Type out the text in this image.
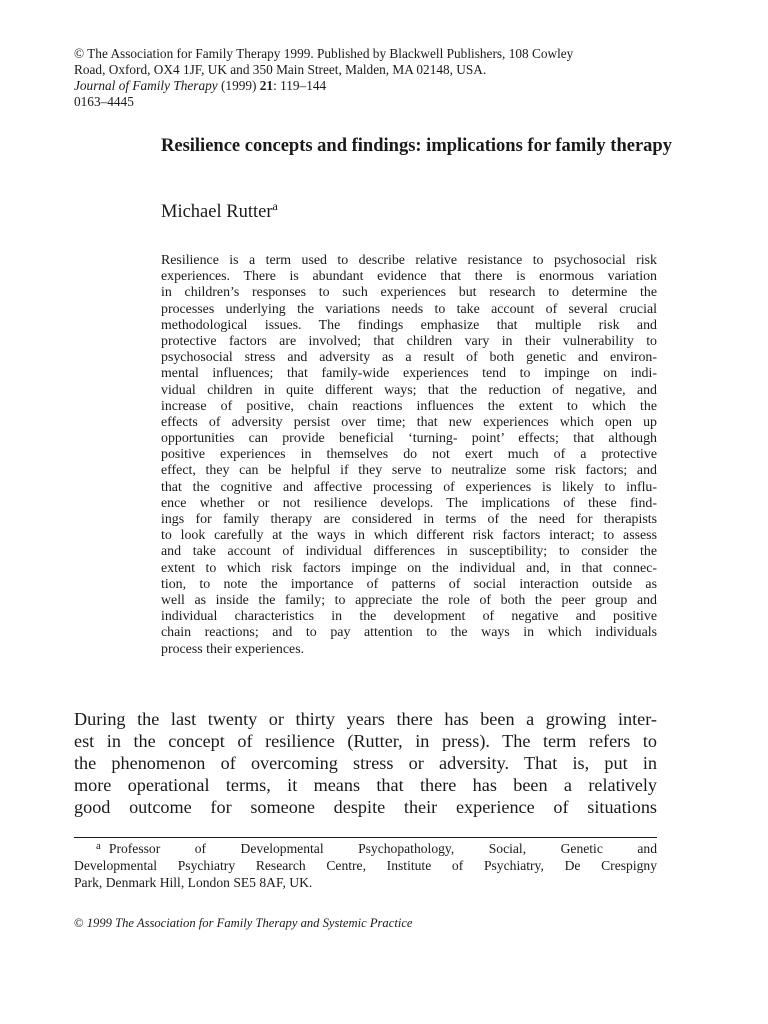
© The Association for Family Therapy 1999. Published by Blackwell Publishers, 108 Cowley
Road, Oxford, OX4 1JF, UK and 350 Main Street, Malden, MA 02148, USA.
Journal of Family Therapy (1999) 21: 119–144
0163–4445
Resilience concepts and findings: implications for family therapy
Michael Rutter$^a$
Resilience is a term used to describe relative resistance to psychosocial risk
experiences. There is abundant evidence that there is enormous variation
in children’s responses to such experiences but research to determine the
processes underlying the variations needs to take account of several crucial
methodological issues. The findings emphasize that multiple risk and
protective factors are involved; that children vary in their vulnerability to
psychosocial stress and adversity as a result of both genetic and environ-
mental influences; that family-wide experiences tend to impinge on indi-
vidual children in quite different ways; that the reduction of negative, and
increase of positive, chain reactions influences the extent to which the
effects of adversity persist over time; that new experiences which open up
opportunities can provide beneficial ‘turning- point’ effects; that although
positive experiences in themselves do not exert much of a protective
effect, they can be helpful if they serve to neutralize some risk factors; and
that the cognitive and affective processing of experiences is likely to influ-
ence whether or not resilience develops. The implications of these find-
ings for family therapy are considered in terms of the need for therapists
to look carefully at the ways in which different risk factors interact; to assess
and take account of individual differences in susceptibility; to consider the
extent to which risk factors impinge on the individual and, in that connec-
tion, to note the importance of patterns of social interaction outside as
well as inside the family; to appreciate the role of both the peer group and
individual characteristics in the development of negative and positive
chain reactions; and to pay attention to the ways in which individuals
process their experiences.
During the last twenty or thirty years there has been a growing inter-
est in the concept of resilience (Rutter, in press). The term refers to
the phenomenon of overcoming stress or adversity. That is, put in
more operational terms, it means that there has been a relatively
good outcome for someone despite their experience of situations
$^a$ Professor of Developmental Psychopathology, Social, Genetic and
Developmental Psychiatry Research Centre, Institute of Psychiatry, De Crespigny
Park, Denmark Hill, London SE5 8AF, UK.
© 1999 The Association for Family Therapy and Systemic Practice
